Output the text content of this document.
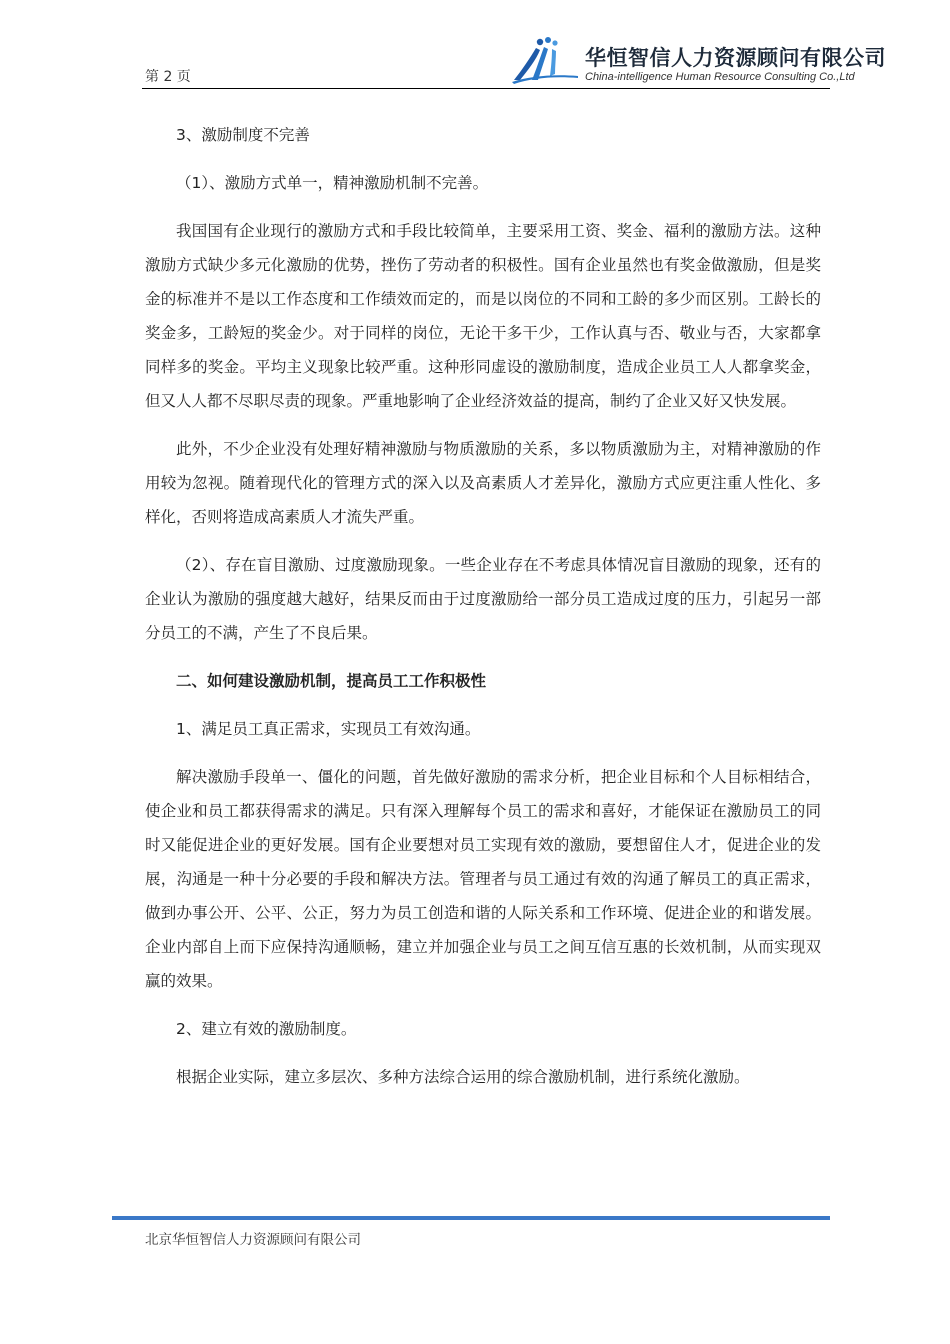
第 2 页
华恒智信人力资源顾问有限公司
China-intelligence Human Resource Consulting Co.,Ltd

3、激励制度不完善

（1）、激励方式单一，精神激励机制不完善。

我国国有企业现行的激励方式和手段比较简单，主要采用工资、奖金、福利的激励方法。这种激励方式缺少多元化激励的优势，挫伤了劳动者的积极性。国有企业虽然也有奖金做激励，但是奖金的标准并不是以工作态度和工作绩效而定的，而是以岗位的不同和工龄的多少而区别。工龄长的奖金多，工龄短的奖金少。对于同样的岗位，无论干多干少，工作认真与否、敬业与否，大家都拿同样多的奖金。平均主义现象比较严重。这种形同虚设的激励制度，造成企业员工人人都拿奖金，但又人人都不尽职尽责的现象。严重地影响了企业经济效益的提高，制约了企业又好又快发展。

此外，不少企业没有处理好精神激励与物质激励的关系，多以物质激励为主，对精神激励的作用较为忽视。随着现代化的管理方式的深入以及高素质人才差异化，激励方式应更注重人性化、多样化，否则将造成高素质人才流失严重。

（2）、存在盲目激励、过度激励现象。一些企业存在不考虑具体情况盲目激励的现象，还有的企业认为激励的强度越大越好，结果反而由于过度激励给一部分员工造成过度的压力，引起另一部分员工的不满，产生了不良后果。

二、如何建设激励机制，提高员工工作积极性

1、满足员工真正需求，实现员工有效沟通。

解决激励手段单一、僵化的问题，首先做好激励的需求分析，把企业目标和个人目标相结合，使企业和员工都获得需求的满足。只有深入理解每个员工的需求和喜好，才能保证在激励员工的同时又能促进企业的更好发展。国有企业要想对员工实现有效的激励，要想留住人才，促进企业的发展，沟通是一种十分必要的手段和解决方法。管理者与员工通过有效的沟通了解员工的真正需求，做到办事公开、公平、公正，努力为员工创造和谐的人际关系和工作环境、促进企业的和谐发展。企业内部自上而下应保持沟通顺畅，建立并加强企业与员工之间互信互惠的长效机制，从而实现双赢的效果。

2、建立有效的激励制度。

根据企业实际，建立多层次、多种方法综合运用的综合激励机制，进行系统化激励。

北京华恒智信人力资源顾问有限公司
